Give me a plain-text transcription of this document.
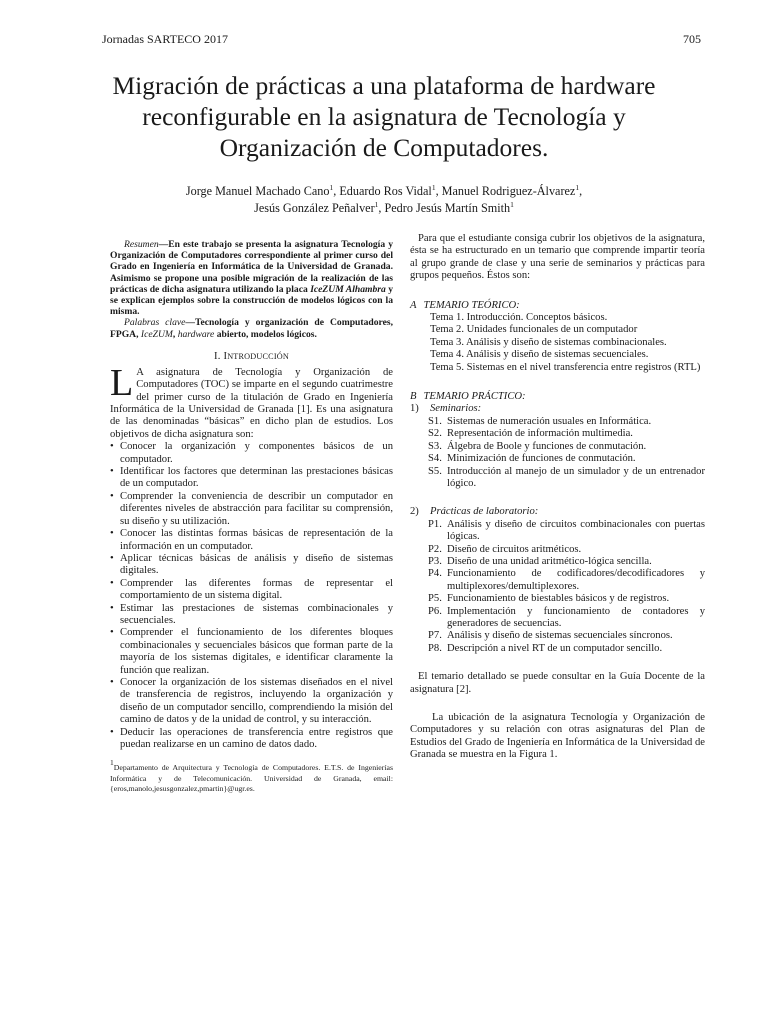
Jornadas SARTECO 2017	705
Migración de prácticas a una plataforma de hardware reconfigurable en la asignatura de Tecnología y Organización de Computadores.
Jorge Manuel Machado Cano$^1$, Eduardo Ros Vidal$^1$, Manuel Rodriguez-Álvarez$^1$,
Jesús González Peñalver$^1$, Pedro Jesús Martín Smith$^1$

Resumen—En este trabajo se presenta la asignatura Tecnología y Organización de Computadores correspondiente al primer curso del Grado en Ingeniería en Informática de la Universidad de Granada. Asimismo se propone una posible migración de la realización de las prácticas de dicha asignatura utilizando la placa IceZUM Alhambra y se explican ejemplos sobre la construcción de modelos lógicos con la misma.

Palabras clave—Tecnología y organización de Computadores, FPGA, IceZUM, hardware abierto, modelos lógicos.

I. INTRODUCCIÓN
L A asignatura de Tecnología y Organización de Computadores (TOC) se imparte en el segundo cuatrimestre del primer curso de la titulación de Grado en Ingeniería Informática de la Universidad de Granada [1]. Es una asignatura de las denominadas “básicas” en dicho plan de estudios. Los objetivos de dicha asignatura son:

• Conocer la organización y componentes básicos de un computador.
• Identificar los factores que determinan las prestaciones básicas de un computador.
• Comprender la conveniencia de describir un computador en diferentes niveles de abstracción para facilitar su comprensión, su diseño y su utilización.
• Conocer las distintas formas básicas de representación de la información en un computador.
• Aplicar técnicas básicas de análisis y diseño de sistemas digitales.
• Comprender las diferentes formas de representar el comportamiento de un sistema digital.
• Estimar las prestaciones de sistemas combinacionales y secuenciales.
• Comprender el funcionamiento de los diferentes bloques combinacionales y secuenciales básicos que forman parte de la mayoría de los sistemas digitales, e identificar claramente la función que realizan.
• Conocer la organización de los sistemas diseñados en el nivel de transferencia de registros, incluyendo la organización y diseño de un computador sencillo, comprendiendo la misión del camino de datos y de la unidad de control, y su interacción.
• Deducir las operaciones de transferencia entre registros que puedan realizarse en un camino de datos dado.
$^1$Departamento de Arquitectura y Tecnología de Computadores. E.T.S. de Ingenierías Informática y de Telecomunicación. Universidad de Granada, email: {eros,manolo,jesusgonzalez,pmartin}@ugr.es.

Para que el estudiante consiga cubrir los objetivos de la asignatura, ésta se ha estructurado en un temario que comprende impartir teoría al grupo grande de clase y una serie de seminarios y prácticas para grupos pequeños. Éstos son:

A TEMARIO TEÓRICO:
Tema 1. Introducción. Conceptos básicos.
Tema 2. Unidades funcionales de un computador
Tema 3. Análisis y diseño de sistemas combinacionales.
Tema 4. Análisis y diseño de sistemas secuenciales.
Tema 5. Sistemas en el nivel transferencia entre registros (RTL)
B TEMARIO PRÁCTICO:
1) Seminarios:
S1. Sistemas de numeración usuales en Informática.
S2. Representación de información multimedia.
S3. Álgebra de Boole y funciones de conmutación.
S4. Minimización de funciones de conmutación.
S5. Introducción al manejo de un simulador y de un entrenador lógico.
2) Prácticas de laboratorio:
P1. Análisis y diseño de circuitos combinacionales con puertas lógicas.
P2. Diseño de circuitos aritméticos.
P3. Diseño de una unidad aritmético-lógica sencilla.
P4. Funcionamiento de codificadores/decodificadores y multiplexores/demultiplexores.
P5. Funcionamiento de biestables básicos y de registros.
P6. Implementación y funcionamiento de contadores y generadores de secuencias.
P7. Análisis y diseño de sistemas secuenciales síncronos.
P8. Descripción a nivel RT de un computador sencillo.

El temario detallado se puede consultar en la Guía Docente de la asignatura [2].

La ubicación de la asignatura Tecnología y Organización de Computadores y su relación con otras asignaturas del Plan de Estudios del Grado de Ingeniería en Informática de la Universidad de Granada se muestra en la Figura 1.
